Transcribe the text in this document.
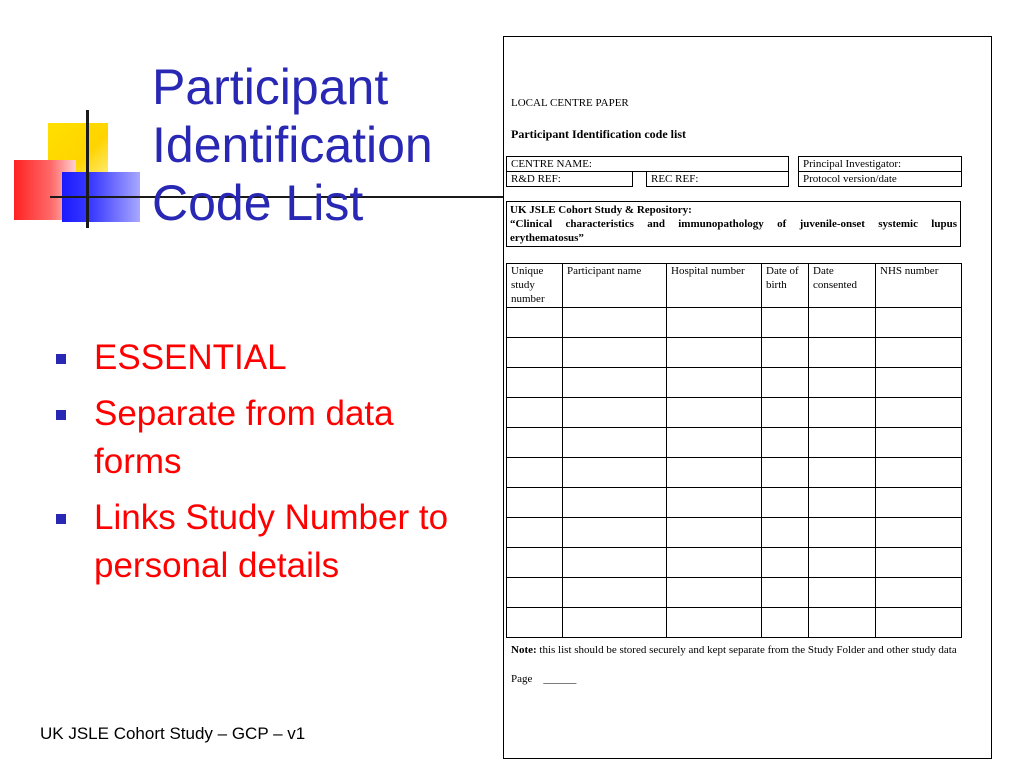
Participant
Identification
Code List
ESSENTIAL
Separate from data forms
Links Study Number to personal details
UK JSLE Cohort Study – GCP – v1
LOCAL CENTRE PAPER
Participant Identification code list
CENTRE NAME:				Principal Investigator:
R&D REF:		REC REF:		Protocol version/date
UK JSLE Cohort Study & Repository:
“Clinical characteristics and immunopathology of juvenile-onset systemic lupus erythematosus”
Unique study number	Participant name	Hospital number	Date of birth	Date consented	NHS number

Note: this list should be stored securely and kept separate from the Study Folder and other study data
Page    ______
